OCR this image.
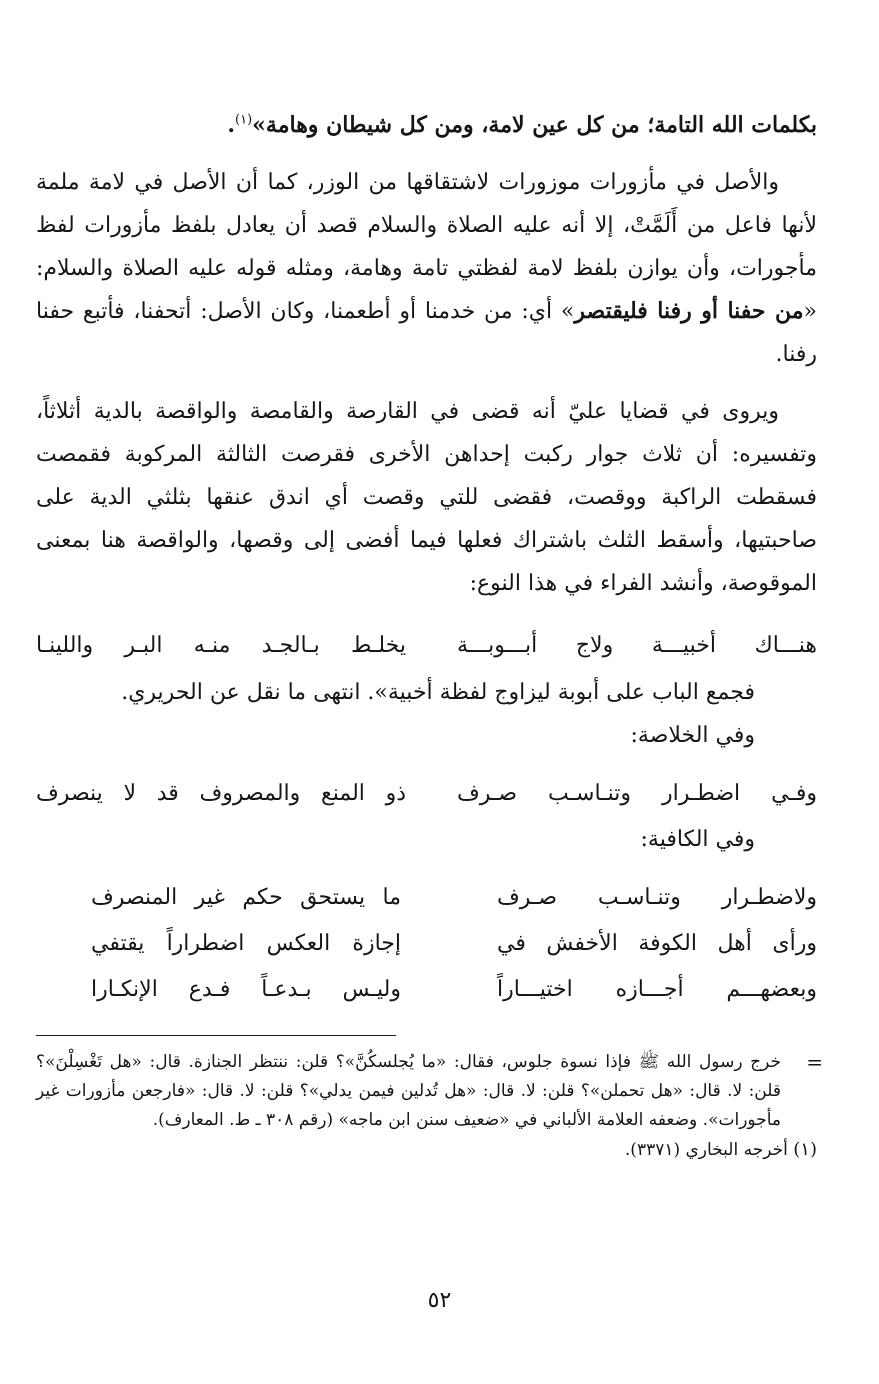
بكلمات الله التامة؛ من كل عين لامة، ومن كل شيطان وهامة»$^{(١)}$.

والأصل في مأزورات موزورات لاشتقاقها من الوزر، كما أن الأصل في لامة ملمة لأنها فاعل من أَلَمَّتْ، إلا أنه عليه الصلاة والسلام قصد أن يعادل بلفظ مأزورات لفظ مأجورات، وأن يوازن بلفظ لامة لفظتي تامة وهامة، ومثله قوله عليه الصلاة والسلام: «من حفنا أو رفنا فليقتصر» أي: من خدمنا أو أطعمنا، وكان الأصل: أتحفنا، فأتبع حفنا رفنا.

ويروى في قضايا عليّ أنه قضى في القارصة والقامصة والواقصة بالدية أثلاثاً، وتفسيره: أن ثلاث جوار ركبت إحداهن الأخرى فقرصت الثالثة المركوبة فقمصت فسقطت الراكبة ووقصت، فقضى للتي وقصت أي اندق عنقها بثلثي الدية على صاحبتيها، وأسقط الثلث باشتراك فعلها فيما أفضى إلى وقصها، والواقصة هنا بمعنى الموقوصة، وأنشد الفراء في هذا النوع:

هنـــاك أخبيـــة ولاج أبـــوبـــة
يخلـط بـالجـد منـه البـر واللينـا

فجمع الباب على أبوبة ليزاوج لفظة أخبية». انتهى ما نقل عن الحريري.

وفي الخلاصة:

وفـي اضطـرار وتنـاسـب صـرف
ذو المنع والمصروف قد لا ينصرف

وفي الكافية:

ولاضطـرار وتنـاسـب صـرف
ما يستحق حكم غير المنصرف
ورأى أهل الكوفة الأخفش في
إجازة العكس اضطراراً يقتفي
وبعضهـــم أجـــازه اختيـــاراً
وليـس بـدعـاً فـدع الإنكـارا
=

خرج رسول الله ﷺ فإذا نسوة جلوس، فقال: «ما يُجلسكُنَّ»؟ قلن: ننتظر الجنازة. قال: «هل تَغْسِلْنَ»؟ قلن: لا. قال: «هل تحملن»؟ قلن: لا. قال: «هل تُدلين فيمن يدلي»؟ قلن: لا. قال: «فارجعن مأزورات غير مأجورات». وضعفه العلامة الألباني في «ضعيف سنن ابن ماجه» (رقم ٣٠٨ ـ ط. المعارف).

(١) أخرجه البخاري (٣٣٧١).

٥٢
